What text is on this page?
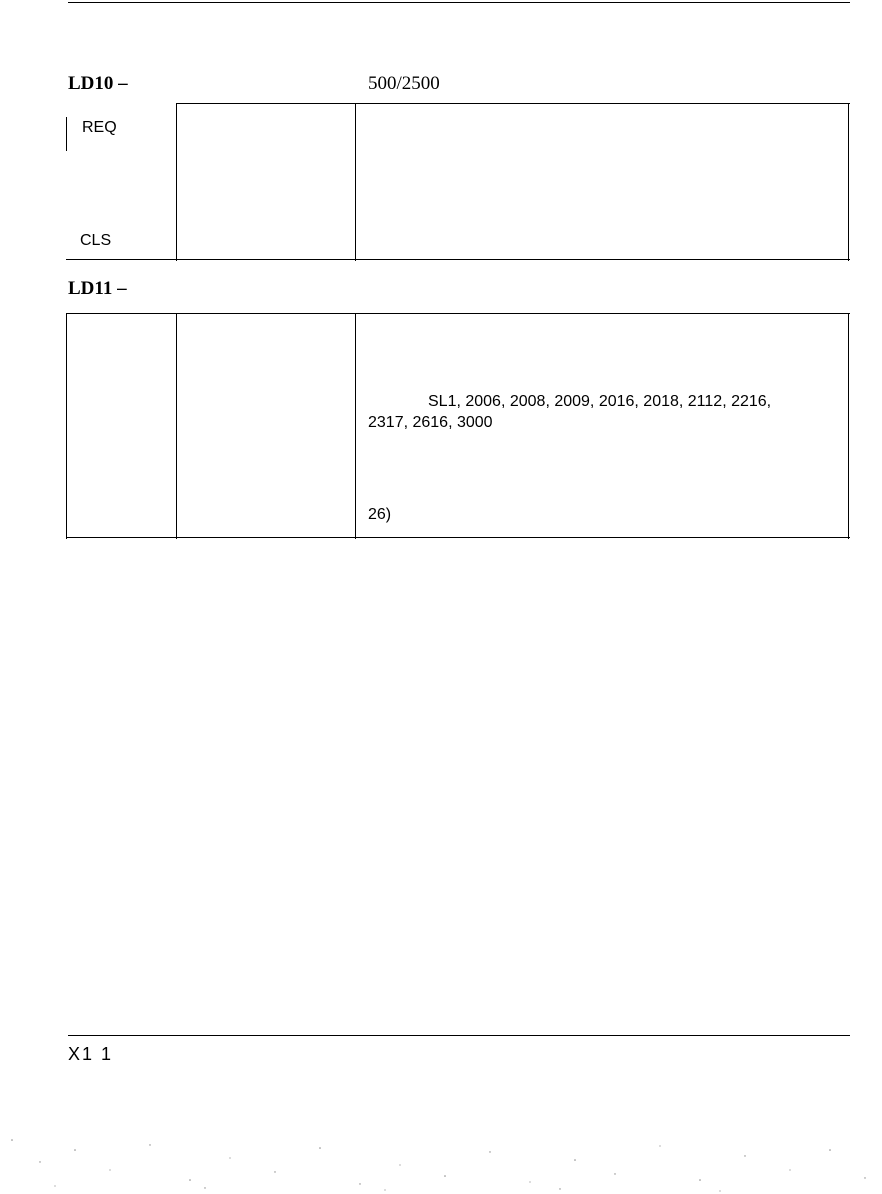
LD10 –	500/2500
REQ
CLS
LD11 –
SL1, 2006, 2008, 2009, 2016, 2018, 2112, 2216,
2317, 2616, 3000
26)
X1 1
